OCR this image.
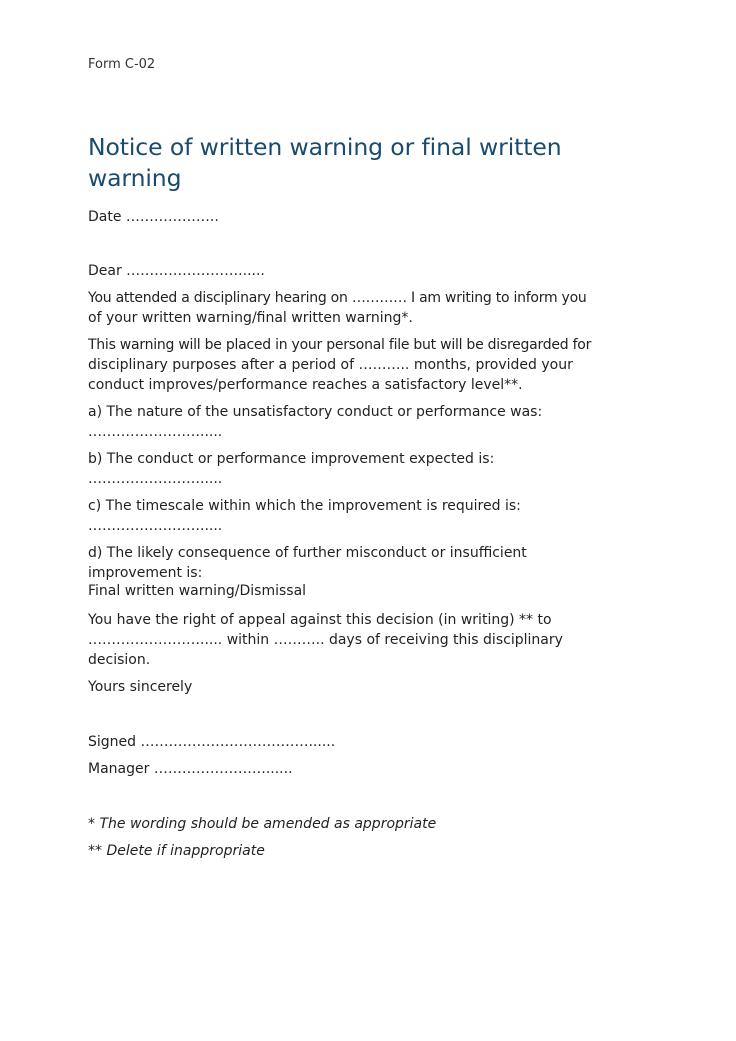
Form C-02
Notice of written warning or final written warning
Date ………………..
Dear ……………………......
You attended a disciplinary hearing on ………… I am writing to inform you
of your written warning/final written warning*.
This warning will be placed in your personal file but will be disregarded for
disciplinary purposes after a period of ……….. months, provided your
conduct improves/performance reaches a satisfactory level**.
a) The nature of the unsatisfactory conduct or performance was:
…………………….....
b) The conduct or performance improvement expected is:
…………………….....
c) The timescale within which the improvement is required is:
…………………….....
d) The likely consequence of further misconduct or insufficient
improvement is:
Final written warning/Dismissal
You have the right of appeal against this decision (in writing) ** to
……………………..... within ……….. days of receiving this disciplinary
decision.
Yours sincerely
Signed ………………………………......
Manager ……………………......
* The wording should be amended as appropriate
** Delete if inappropriate
